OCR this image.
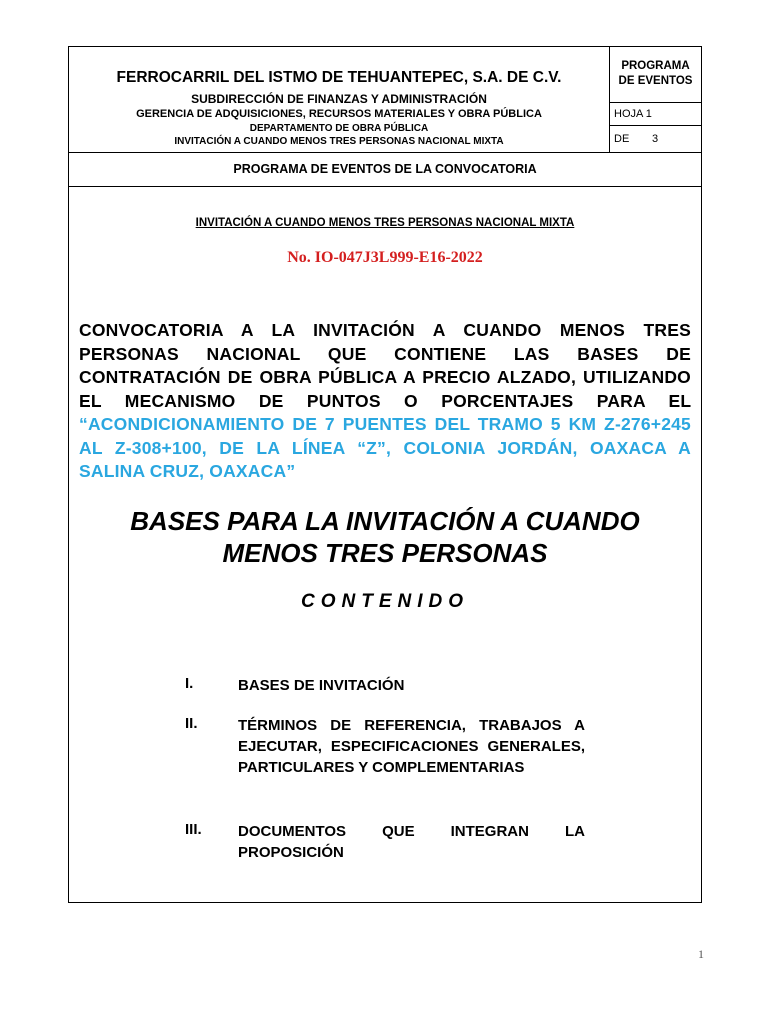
FERROCARRIL DEL ISTMO DE TEHUANTEPEC, S.A. DE C.V.
SUBDIRECCIÓN DE FINANZAS Y ADMINISTRACIÓN
GERENCIA DE ADQUISICIONES, RECURSOS MATERIALES Y OBRA PÚBLICA
DEPARTAMENTO DE OBRA PÚBLICA
INVITACIÓN A CUANDO MENOS TRES PERSONAS NACIONAL MIXTA
PROGRAMA
DE EVENTOS
HOJA 1
DE 3
PROGRAMA DE EVENTOS DE LA CONVOCATORIA
INVITACIÓN A CUANDO MENOS TRES PERSONAS NACIONAL MIXTA
No. IO-047J3L999-E16-2022
CONVOCATORIA A LA INVITACIÓN A CUANDO MENOS TRES PERSONAS NACIONAL QUE CONTIENE LAS BASES DE CONTRATACIÓN DE OBRA PÚBLICA A PRECIO ALZADO, UTILIZANDO EL MECANISMO DE PUNTOS O PORCENTAJES PARA EL “ACONDICIONAMIENTO DE 7 PUENTES DEL TRAMO 5 KM Z-276+245 AL Z-308+100, DE LA LÍNEA “Z”, COLONIA JORDÁN, OAXACA A SALINA CRUZ, OAXACA”
BASES PARA LA INVITACIÓN A CUANDO
MENOS TRES PERSONAS
CONTENIDO
I.	BASES DE INVITACIÓN
II.	TÉRMINOS DE REFERENCIA, TRABAJOS A EJECUTAR, ESPECIFICACIONES GENERALES, PARTICULARES Y COMPLEMENTARIAS
III. DOCUMENTOS QUE INTEGRAN LA PROPOSICIÓN
1
